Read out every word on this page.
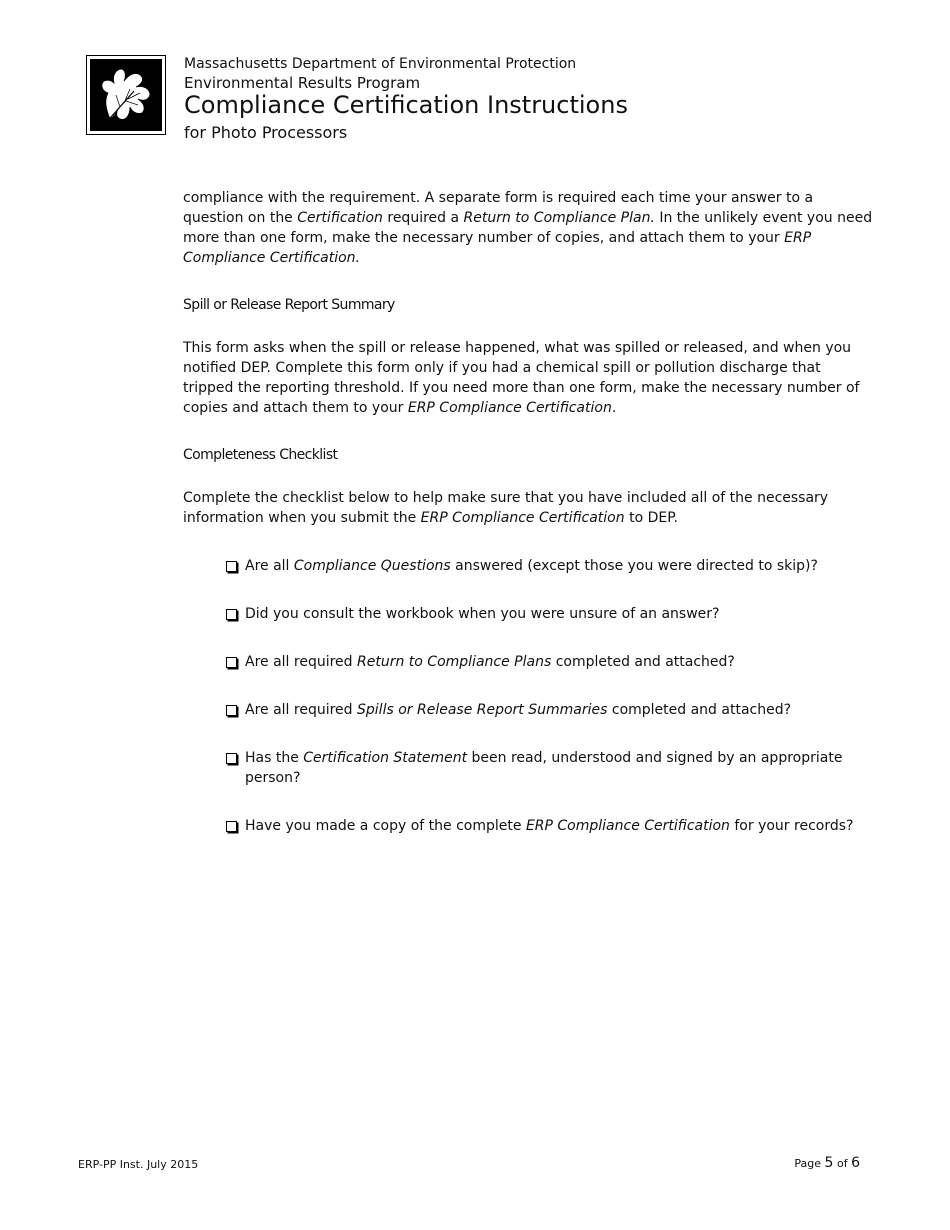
Massachusetts Department of Environmental Protection
Environmental Results Program
Compliance Certification Instructions
for Photo Processors

compliance with the requirement. A separate form is required each time your answer to a question on the Certification required a Return to Compliance Plan. In the unlikely event you need more than one form, make the necessary number of copies, and attach them to your ERP Compliance Certification.

Spill or Release Report Summary

This form asks when the spill or release happened, what was spilled or released, and when you notified DEP. Complete this form only if you had a chemical spill or pollution discharge that tripped the reporting threshold. If you need more than one form, make the necessary number of copies and attach them to your ERP Compliance Certification.

Completeness Checklist

Complete the checklist below to help make sure that you have included all of the necessary information when you submit the ERP Compliance Certification to DEP.

Are all Compliance Questions answered (except those you were directed to skip)?
Did you consult the workbook when you were unsure of an answer?
Are all required Return to Compliance Plans completed and attached?
Are all required Spills or Release Report Summaries completed and attached?
Has the Certification Statement been read, understood and signed by an appropriate person?
Have you made a copy of the complete ERP Compliance Certification for your records?
ERP-PP Inst. July 2015	Page 5 of 6
